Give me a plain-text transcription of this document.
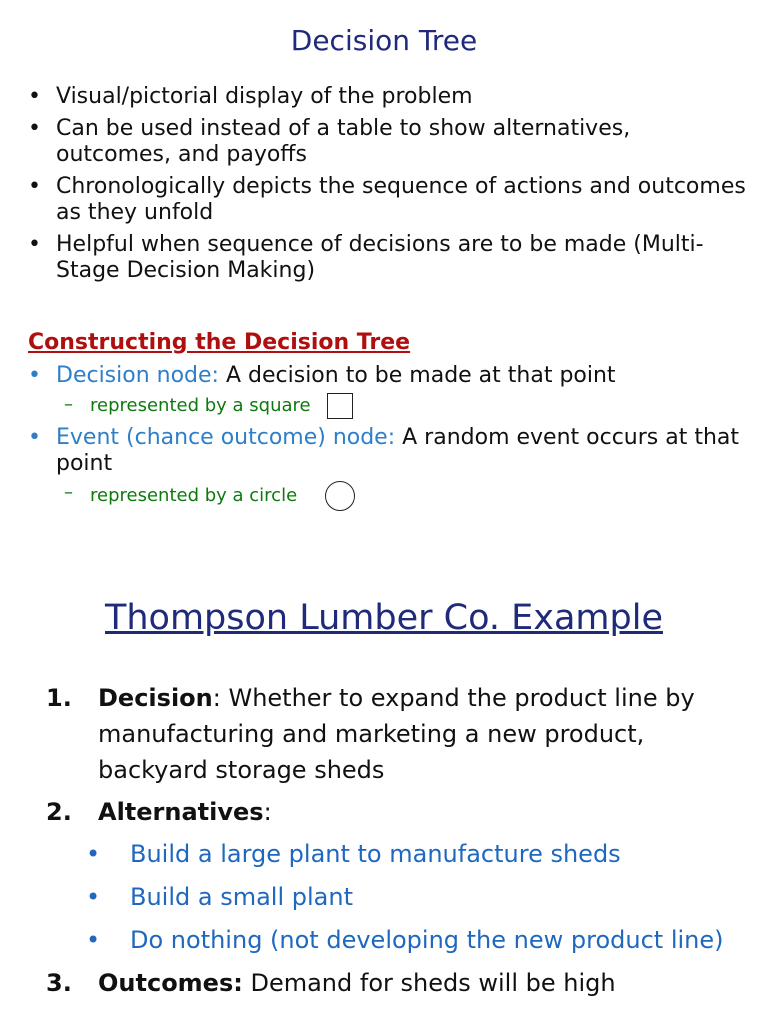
Decision Tree
• Visual/pictorial display of the problem
• Can be used instead of a table to show alternatives, outcomes, and payoffs
• Chronologically depicts the sequence of actions and outcomes as they unfold
• Helpful when sequence of decisions are to be made (Multi-Stage Decision Making)
Constructing the Decision Tree
• Decision node: A decision to be made at that point
– represented by a square
• Event (chance outcome) node: A random event occurs at that point
– represented by a circle
Thompson Lumber Co. Example
1. Decision: Whether to expand the product line by manufacturing and marketing a new product, backyard storage sheds
2. Alternatives:
• Build a large plant to manufacture sheds
• Build a small plant
• Do nothing (not developing the new product line)
3. Outcomes: Demand for sheds will be high
